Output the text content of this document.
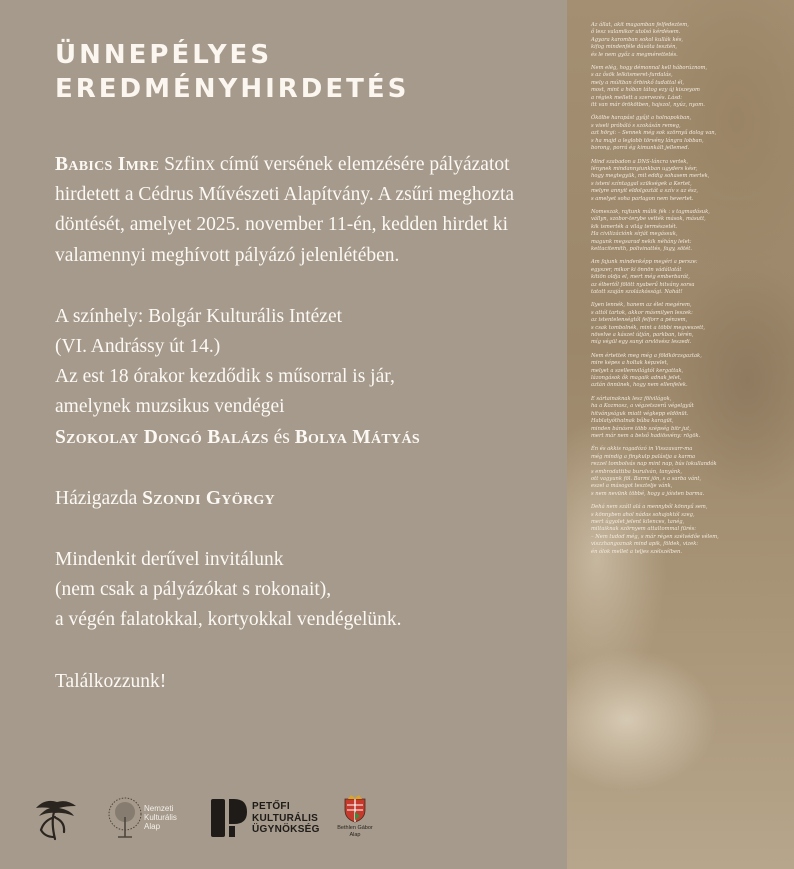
ÜNNEPÉLYES
EREDMÉNYHIRDETÉS

Babics Imre Szfinx című versének elemzésére pályázatot hirdetett a Cédrus Művészeti Alapítvány. A zsűri meghozta döntését, amelyet 2025. november 11-én, kedden hirdet ki valamennyi meghívott pályázó jelenlétében.

A színhely: Bolgár Kulturális Intézet

(VI. Andrássy út 14.)

Az est 18 órakor kezdődik s műsorral is jár,

amelynek muzsikus vendégei

Szokolay Dongó Balázs és Bolya Mátyás

Házigazda Szondi György

Mindenkit derűvel invitálunk

(nem csak a pályázókat s rokonait),

a végén falatokkal, kortyokkal vendégelünk.

Találkozzunk!

Nemzeti
Kulturális
Alap
PETŐFI
KULTURÁLIS
ÜGYNÖKSÉG	Bethlen Gábor
Alap
Az állat, akit magamban felfedeztem,
ő lesz valamikor utolsó kérdésem.
Agyara karomban sokol kullák kés,
kifog mindenféle dúvóta tesztén,
és le nem győz a megmérettetés.
Nem elég, hogy démonnal kell háborúznom,
s az ősök lelkiismeret-furdalás,
mely a múltban őrbinkő tudattal él,
most, mint a hóban tátog ezy új kiszeyom
a régiek mellett a szervezés. Lásd:
itt van már örökötben, hajszol, nyúz, nyom.
Ökölbe harapást gyűjt a holnapokban,
s viseli próbáló s szokásán remeg,
azt hörgi: – Sennek még sok szörnyű dolog van,
s ha majd a leglobb törvény lángra lobban,
borong, porrá ég kimunkált jellemed.
Mind szabadon a DNS-láncra vertek,
lénynek mindannyiunkban ugyders késr,
hogy megtegyük, mit eddig sohasem mertek,
s isteni színtaggal szükségek a Kertet,
melyre annyit eldolgoztát a szív s az ész,
s amelyet soha parlagon nem hevertet.
Nomeszak, rajtunk múlik fék : s tagmadásuk,
vállyn, szobor-terybe vették mások, másutt,
kik ismerték a világ természetét.
Ha civilizációnk sírját megássuk,
magunk megsarad nekik néhány lelet:
kettacitemith, polivinattés, fagy, sötét.
Am fajunk mindenképp megéri a persze:
egyszer, mikor ki önnön vádállatát
kitiön oldja el, mert még emberbarát,
az élbertől fölött nyaberű hitvány sorsa
tatott szaján szolázkóssági. Nahát!
Ilyen lennék, hanem az élet megérem,
s attól tartok, akkor másmilyen leszek:
az istentelenségtől felforr a pénzem,
s csak tombolnék, mint a többi megveszett,
növelve a kászet útján, parkban, térén,
míg végül egy sunyi orvlövész leszedi.
Nem értettek meg még a földkörzsgaztak,
mire képes a holtak képzelet,
melyet a szellemvilágtól kergattak,
lázongások ők magaik adnak jelet,
aztán önnünek, hogy nem ellenfelek.
E sártainaknak lesz fölvilágok,
ha a Kozmosz, a végzetszerű végelgyűt
hitványságuk miatt végkepp eldönüt.
Hablatyóthatnak bűba karagüt,
minden bánásre több szépség bitr jut,
mert már nem a belső hadiösvény: rögök.
Én és akkis ragadózó in Visszavarr-ma
még mindig a finykulp palástja a karma
rezzel tombolvás nap mint nap, bús lokullandók
s embrodattiba burulván, tanyánk,
ott vagyunk föl. Barmi jön, s a sarba vánt,
eszel a másogot tesztelje vánk,
s nem nevünk többé, hogy a jóisten barma.
Dehá nem száll alá a mennyből könnyű sem,
s könnyben ahol nádas sohajoktól szeg,
mert úgyolet jelent kilences, tanég,
miltaiknak szörnyem attaltommal fürés:
– Nem tudod még, s már régen szélvédőe vélem,
viszzhangoznak mind apik, földek, vizek:
én ólok mellet a teljes szélszélben.
